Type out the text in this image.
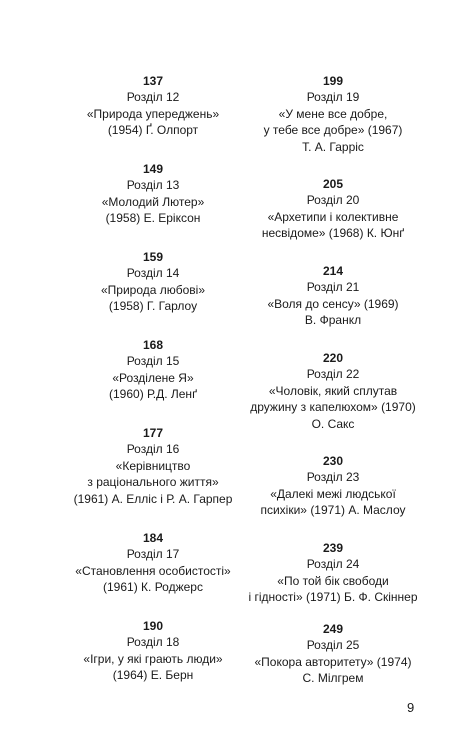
137
Розділ 12
«Природа упереджень»
(1954) Ґ. Олпорт
149
Розділ 13
«Молодий Лютер»
(1958) Е. Еріксон
159
Розділ 14
«Природа любові»
(1958) Г. Гарлоу
168
Розділ 15
«Розділене Я»
(1960) Р.Д. Ленґ
177
Розділ 16
«Керівництво
з раціонального життя»
(1961) А. Елліс і Р. А. Гарпер
184
Розділ 17
«Становлення особистості»
(1961) К. Роджерс
190
Розділ 18
«Ігри, у які грають люди»
(1964) Е. Берн
199
Розділ 19
«У мене все добре,
у тебе все добре» (1967)
Т. А. Гарріс
205
Розділ 20
«Архетипи і колективне
несвідоме» (1968) К. Юнґ
214
Розділ 21
«Воля до сенсу» (1969)
В. Франкл
220
Розділ 22
«Чоловік, який сплутав
дружину з капелюхом» (1970)
О. Сакс
230
Розділ 23
«Далекі межі людської
психіки» (1971) А. Маслоу
239
Розділ 24
«По той бік свободи
і гідності» (1971) Б. Ф. Скіннер
249
Розділ 25
«Покора авторитету» (1974)
С. Мілгрем
9
